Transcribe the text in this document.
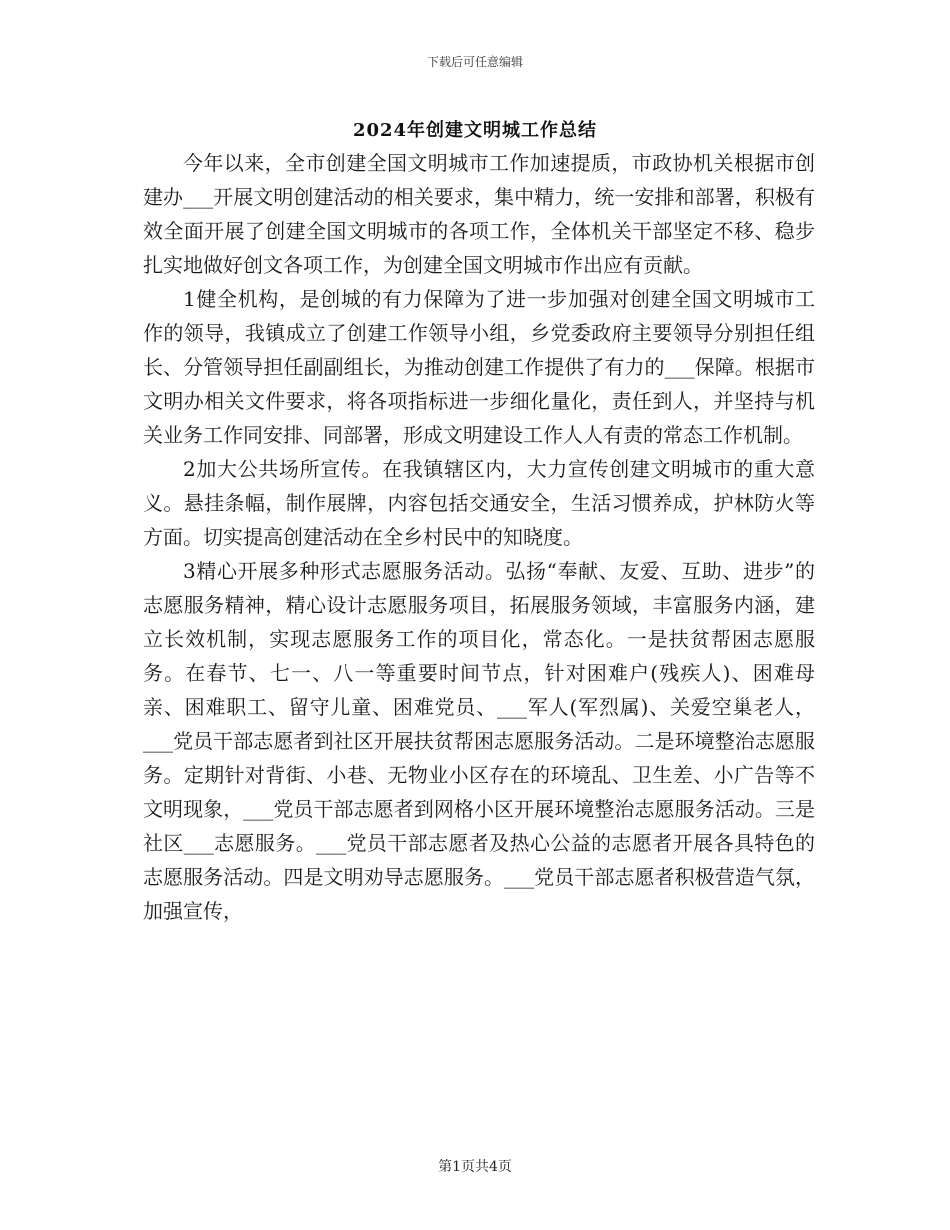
下载后可任意编辑
2024年创建文明城工作总结

今年以来，全市创建全国文明城市工作加速提质，市政协机关根据市创建办___开展文明创建活动的相关要求，集中精力，统一安排和部署，积极有效全面开展了创建全国文明城市的各项工作，全体机关干部坚定不移、稳步扎实地做好创文各项工作，为创建全国文明城市作出应有贡献。

1健全机构，是创城的有力保障为了进一步加强对创建全国文明城市工作的领导，我镇成立了创建工作领导小组，乡党委政府主要领导分别担任组长、分管领导担任副副组长，为推动创建工作提供了有力的___保障。根据市文明办相关文件要求，将各项指标进一步细化量化，责任到人，并坚持与机关业务工作同安排、同部署，形成文明建设工作人人有责的常态工作机制。

2加大公共场所宣传。在我镇辖区内，大力宣传创建文明城市的重大意义。悬挂条幅，制作展牌，内容包括交通安全，生活习惯养成，护林防火等方面。切实提高创建活动在全乡村民中的知晓度。

3精心开展多种形式志愿服务活动。弘扬“奉献、友爱、互助、进步”的志愿服务精神，精心设计志愿服务项目，拓展服务领域，丰富服务内涵，建立长效机制，实现志愿服务工作的项目化，常态化。一是扶贫帮困志愿服务。在春节、七一、八一等重要时间节点，针对困难户(残疾人)、困难母亲、困难职工、留守儿童、困难党员、___军人(军烈属)、关爱空巢老人，___党员干部志愿者到社区开展扶贫帮困志愿服务活动。二是环境整治志愿服务。定期针对背街、小巷、无物业小区存在的环境乱、卫生差、小广告等不文明现象，___党员干部志愿者到网格小区开展环境整治志愿服务活动。三是社区___志愿服务。___党员干部志愿者及热心公益的志愿者开展各具特色的志愿服务活动。四是文明劝导志愿服务。___党员干部志愿者积极营造气氛，加强宣传，

第1页共4页
